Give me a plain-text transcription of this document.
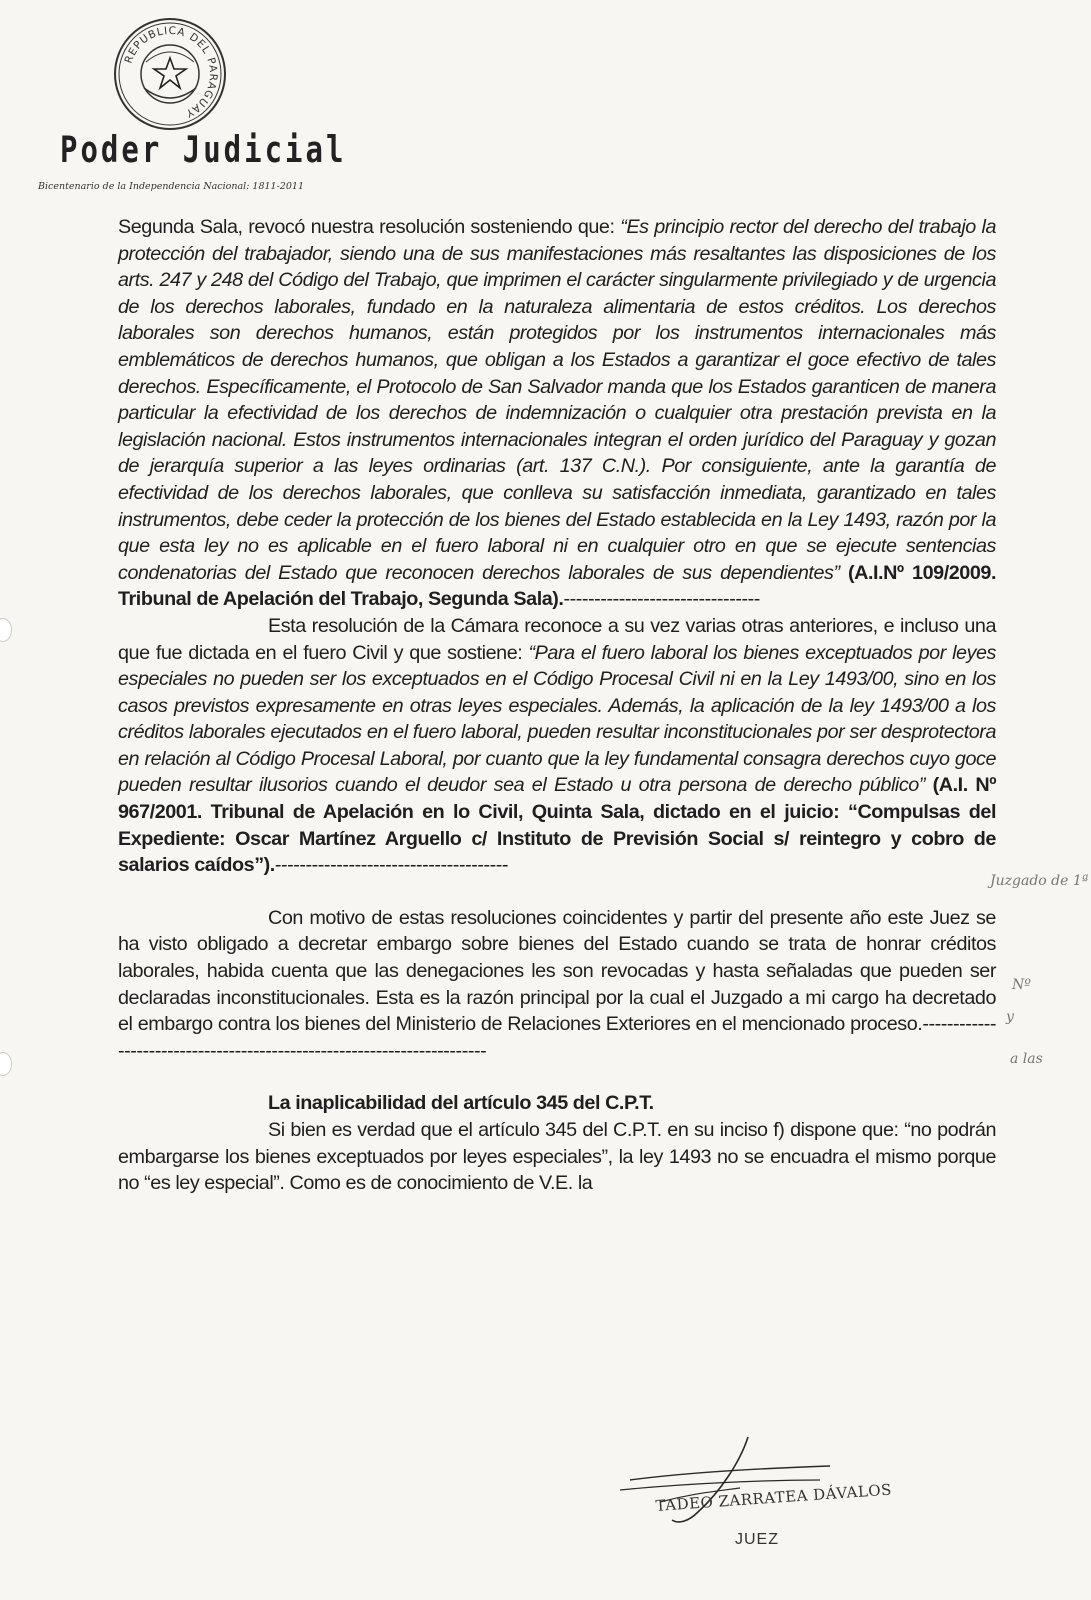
REPUBLICA DEL PARAGUAY

Poder Judicial

Bicentenario de la Independencia Nacional: 1811-2011

Segunda Sala, revocó nuestra resolución sosteniendo que: “Es principio rector del derecho del trabajo la protección del trabajador, siendo una de sus manifestaciones más resaltantes las disposiciones de los arts. 247 y 248 del Código del Trabajo, que imprimen el carácter singularmente privilegiado y de urgencia de los derechos laborales, fundado en la naturaleza alimentaria de estos créditos. Los derechos laborales son derechos humanos, están protegidos por los instrumentos internacionales más emblemáticos de derechos humanos, que obligan a los Estados a garantizar el goce efectivo de tales derechos. Específicamente, el Protocolo de San Salvador manda que los Estados garanticen de manera particular la efectividad de los derechos de indemnización o cualquier otra prestación prevista en la legislación nacional. Estos instrumentos internacionales integran el orden jurídico del Paraguay y gozan de jerarquía superior a las leyes ordinarias (art. 137 C.N.). Por consiguiente, ante la garantía de efectividad de los derechos laborales, que conlleva su satisfacción inmediata, garantizado en tales instrumentos, debe ceder la protección de los bienes del Estado establecida en la Ley 1493, razón por la que esta ley no es aplicable en el fuero laboral ni en cualquier otro en que se ejecute sentencias condenatorias del Estado que reconocen derechos laborales de sus dependientes” (A.I.Nº 109/2009. Tribunal de Apelación del Trabajo, Segunda Sala).--------------------------------

Esta resolución de la Cámara reconoce a su vez varias otras anteriores, e incluso una que fue dictada en el fuero Civil y que sostiene: “Para el fuero laboral los bienes exceptuados por leyes especiales no pueden ser los exceptuados en el Código Procesal Civil ni en la Ley 1493/00, sino en los casos previstos expresamente en otras leyes especiales. Además, la aplicación de la ley 1493/00 a los créditos laborales ejecutados en el fuero laboral, pueden resultar inconstitucionales por ser desprotectora en relación al Código Procesal Laboral, por cuanto que la ley fundamental consagra derechos cuyo goce pueden resultar ilusorios cuando el deudor sea el Estado u otra persona de derecho público” (A.I. Nº 967/2001. Tribunal de Apelación en lo Civil, Quinta Sala, dictado en el juicio: “Compulsas del Expediente: Oscar Martínez Arguello c/ Instituto de Previsión Social s/ reintegro y cobro de salarios caídos”).--------------------------------------

Con motivo de estas resoluciones coincidentes y partir del presente año este Juez se ha visto obligado a decretar embargo sobre bienes del Estado cuando se trata de honrar créditos laborales, habida cuenta que las denegaciones les son revocadas y hasta señaladas que pueden ser declaradas inconstitucionales. Esta es la razón principal por la cual el Juzgado a mi cargo ha decretado el embargo contra los bienes del Ministerio de Relaciones Exteriores en el mencionado proceso.------------------------------------------------------------------------

La inaplicabilidad del artículo 345 del C.P.T.

Si bien es verdad que el artículo 345 del C.P.T. en su inciso f) dispone que: “no podrán embargarse los bienes exceptuados por leyes especiales”, la ley 1493 no se encuadra el mismo porque no “es ley especial”. Como es de conocimiento de V.E. la

Juzgado de 1ª
Nº
y
a las

TADEO ZARRATEA DÁVALOS

JUEZ
